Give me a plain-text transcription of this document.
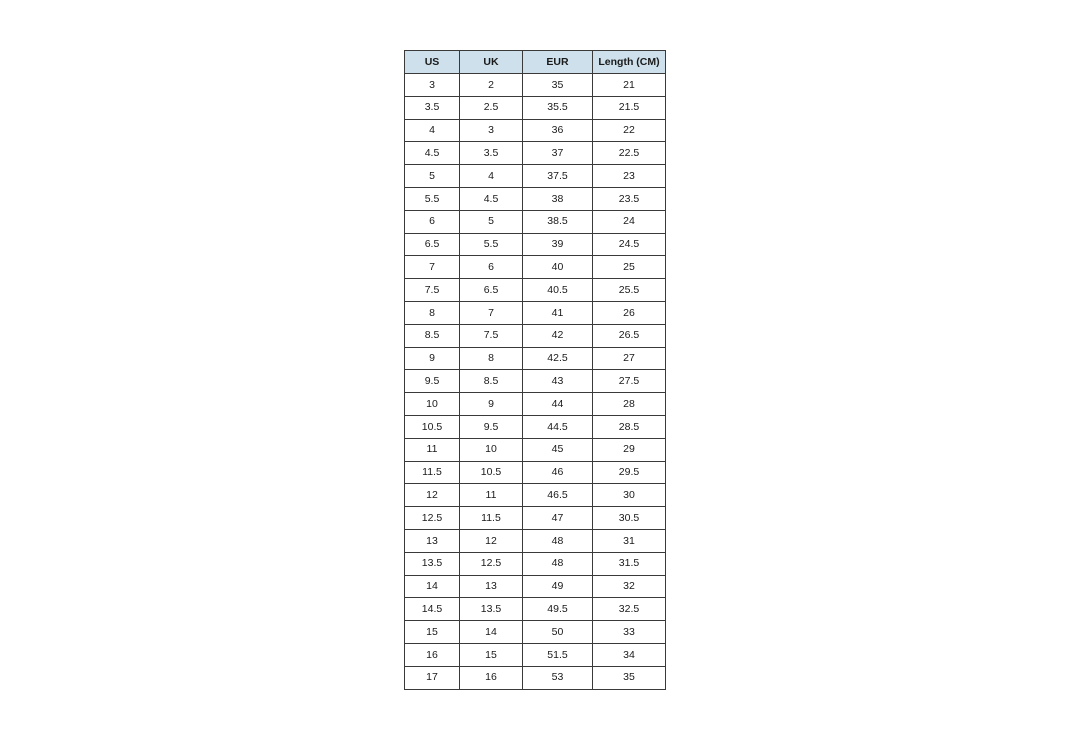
US	UK	EUR	Length (CM)
3	2	35	21
3.5	2.5	35.5	21.5
4	3	36	22
4.5	3.5	37	22.5
5	4	37.5	23
5.5	4.5	38	23.5
6	5	38.5	24
6.5	5.5	39	24.5
7	6	40	25
7.5	6.5	40.5	25.5
8	7	41	26
8.5	7.5	42	26.5
9	8	42.5	27
9.5	8.5	43	27.5
10	9	44	28
10.5	9.5	44.5	28.5
11	10	45	29
11.5	10.5	46	29.5
12	11	46.5	30
12.5	11.5	47	30.5
13	12	48	31
13.5	12.5	48	31.5
14	13	49	32
14.5	13.5	49.5	32.5
15	14	50	33
16	15	51.5	34
17	16	53	35
